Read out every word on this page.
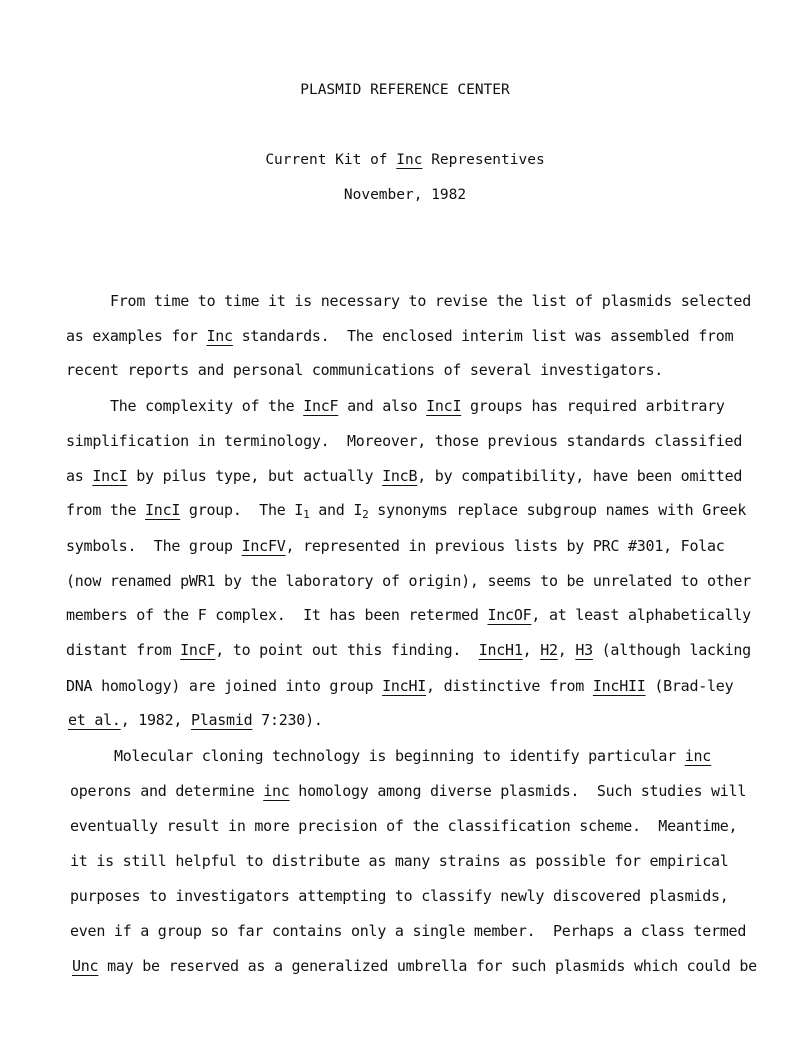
PLASMID REFERENCE CENTER
Current Kit of Inc Representives
November, 1982
From time to time it is necessary to revise the list of plasmids selected
as examples for Inc standards.  The enclosed interim list was assembled from
recent reports and personal communications of several investigators.
The complexity of the IncF and also IncI groups has required arbitrary
simplification in terminology.  Moreover, those previous standards classified
as IncI by pilus type, but actually IncB, by compatibility, have been omitted
from the IncI group.  The $I_1$ and $I_2$ synonyms replace subgroup names with Greek
symbols.  The group IncFV, represented in previous lists by PRC #301, Folac
(now renamed pWR1 by the laboratory of origin), seems to be unrelated to other
members of the F complex.  It has been retermed IncOF, at least alphabetically
distant from IncF, to point out this finding.  IncH1, H2, H3 (although lacking
DNA homology) are joined into group IncHI, distinctive from IncHII (Brad-ley
et al., 1982, Plasmid 7:230).
Molecular cloning technology is beginning to identify particular inc
operons and determine inc homology among diverse plasmids.  Such studies will
eventually result in more precision of the classification scheme.  Meantime,
it is still helpful to distribute as many strains as possible for empirical
purposes to investigators attempting to classify newly discovered plasmids,
even if a group so far contains only a single member.  Perhaps a class termed
Unc may be reserved as a generalized umbrella for such plasmids which could be
